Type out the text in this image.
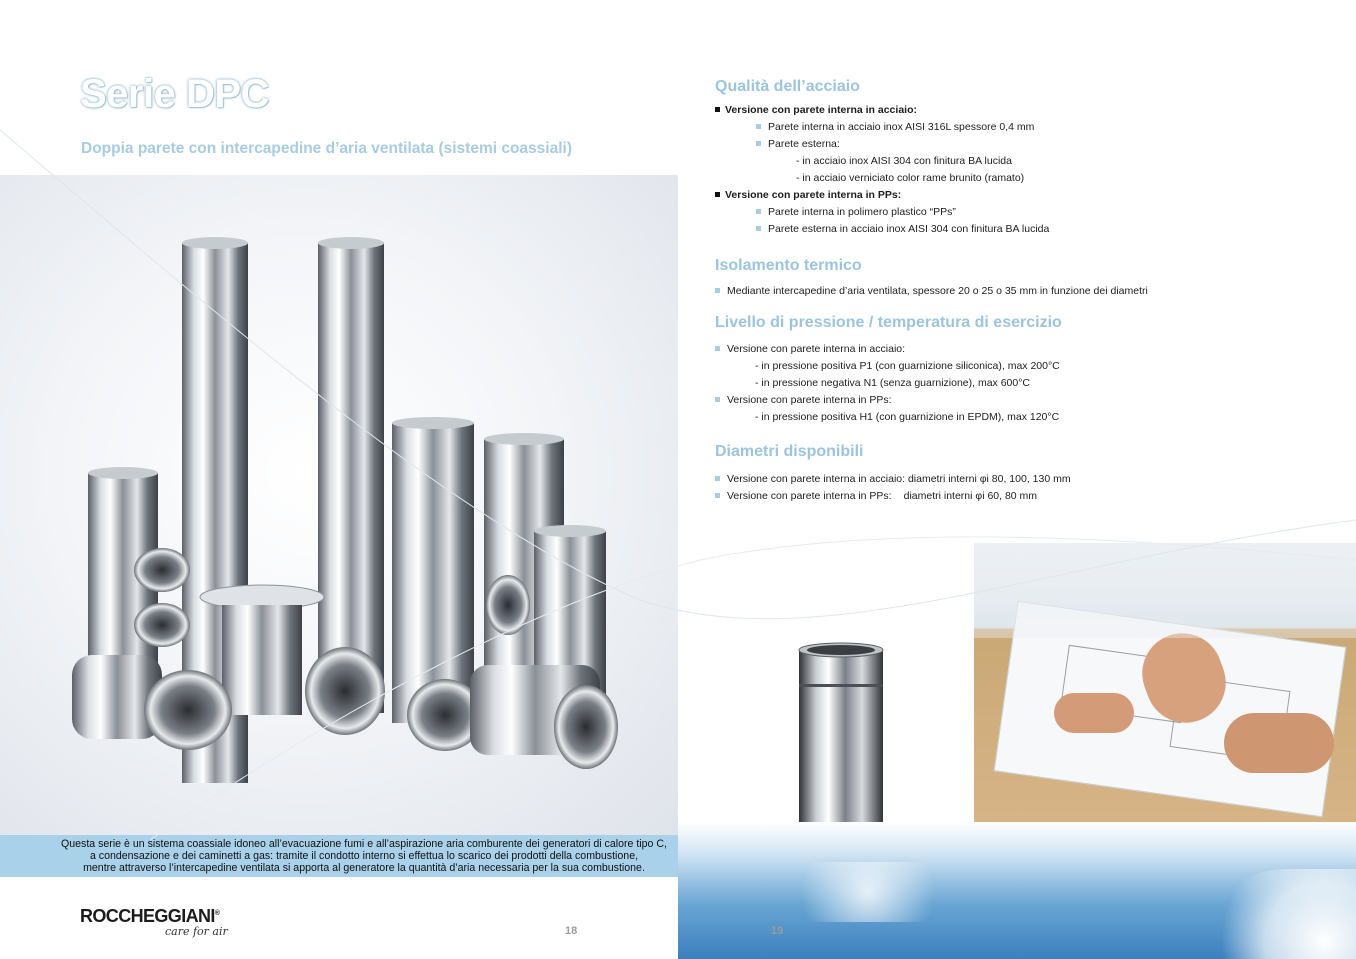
Serie DPC
Doppia parete con intercapedine d’aria ventilata (sistemi coassiali)
Questa serie è un sistema coassiale idoneo all’evacuazione fumi e all’aspirazione aria comburente dei generatori di calore tipo C,
a condensazione e dei caminetti a gas: tramite il condotto interno si effettua lo scarico dei prodotti della combustione,
mentre attraverso l’intercapedine ventilata si apporta al generatore la quantità d’aria necessaria per la sua combustione.
ROCCHEGGIANI®
care for air	18
Qualità dell’acciaio
Versione con parete interna in acciaio:
Parete interna in acciaio inox AISI 316L spessore 0,4 mm
Parete esterna:
- in acciaio inox AISI 304 con finitura BA lucida
- in acciaio verniciato color rame brunito (ramato)
Versione con parete interna in PPs:
Parete interna in polimero plastico “PPs”
Parete esterna in acciaio inox AISI 304 con finitura BA lucida
Isolamento termico
Mediante intercapedine d’aria ventilata, spessore 20 o 25 o 35 mm in funzione dei diametri
Livello di pressione / temperatura di esercizio
Versione con parete interna in acciaio:
- in pressione positiva P1 (con guarnizione siliconica), max 200°C
- in pressione negativa N1 (senza guarnizione), max 600°C
Versione con parete interna in PPs:
- in pressione positiva H1 (con guarnizione in EPDM), max 120°C
Diametri disponibili
Versione con parete interna in acciaio: diametri interni φi 80, 100, 130 mm
Versione con parete interna in PPs: diametri interni φi 60, 80 mm
19
